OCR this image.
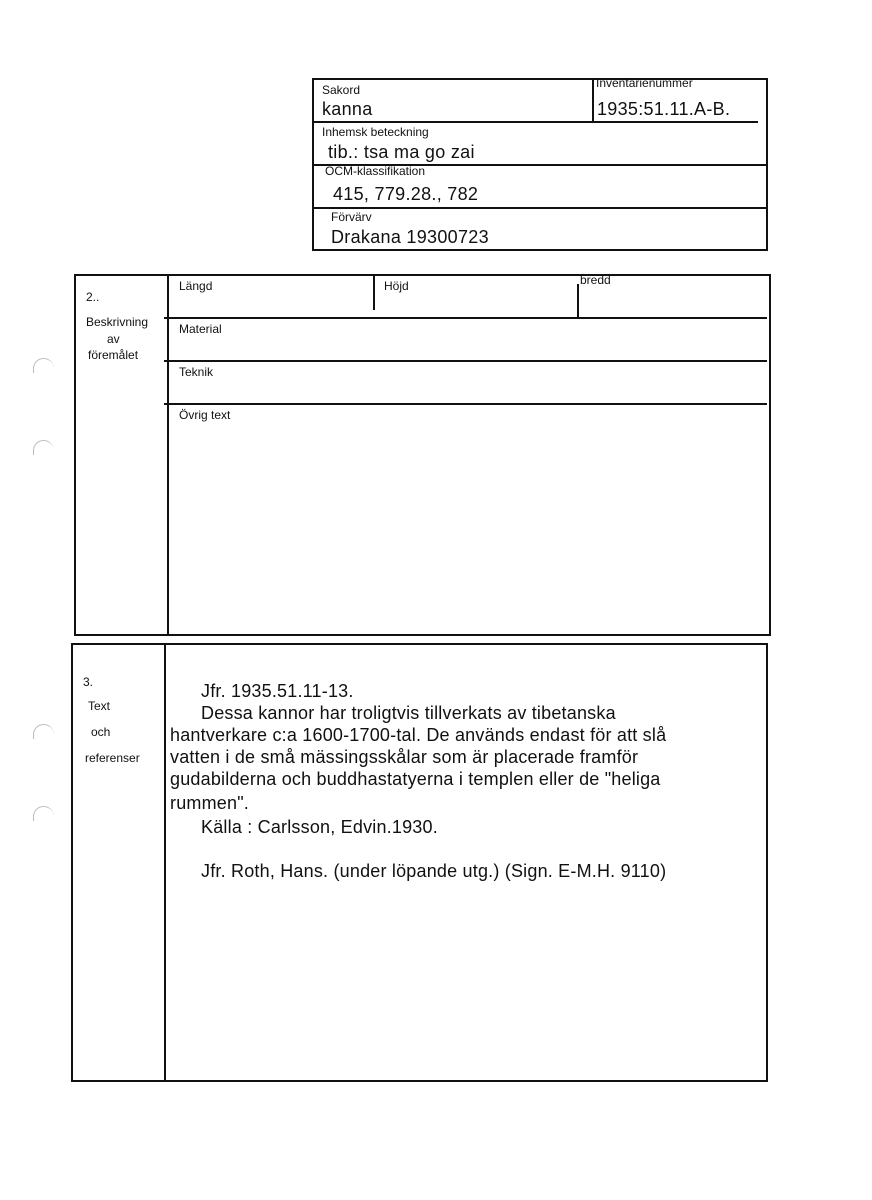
Sakord
kanna
Inventarienummer
1935:51.11.A-B.
Inhemsk beteckning
tib.: tsa ma go zai
OCM-klassifikation
415, 779.28., 782
Förvärv
Drakana 19300723
2..
Beskrivning
av
föremålet
Längd	Höjd	bredd
Material
Teknik
Övrig text
3.
Text
och
referenser
Jfr. 1935.51.11-13.
Dessa kannor har troligtvis tillverkats av tibetanska
hantverkare c:a 1600-1700-tal. De används endast för att slå
vatten i de små mässingsskålar som är placerade framför
gudabilderna och buddhastatyerna i templen eller de "heliga
rummen".
Källa : Carlsson, Edvin.1930.
Jfr. Roth, Hans. (under löpande utg.) (Sign. E-M.H. 9110)
